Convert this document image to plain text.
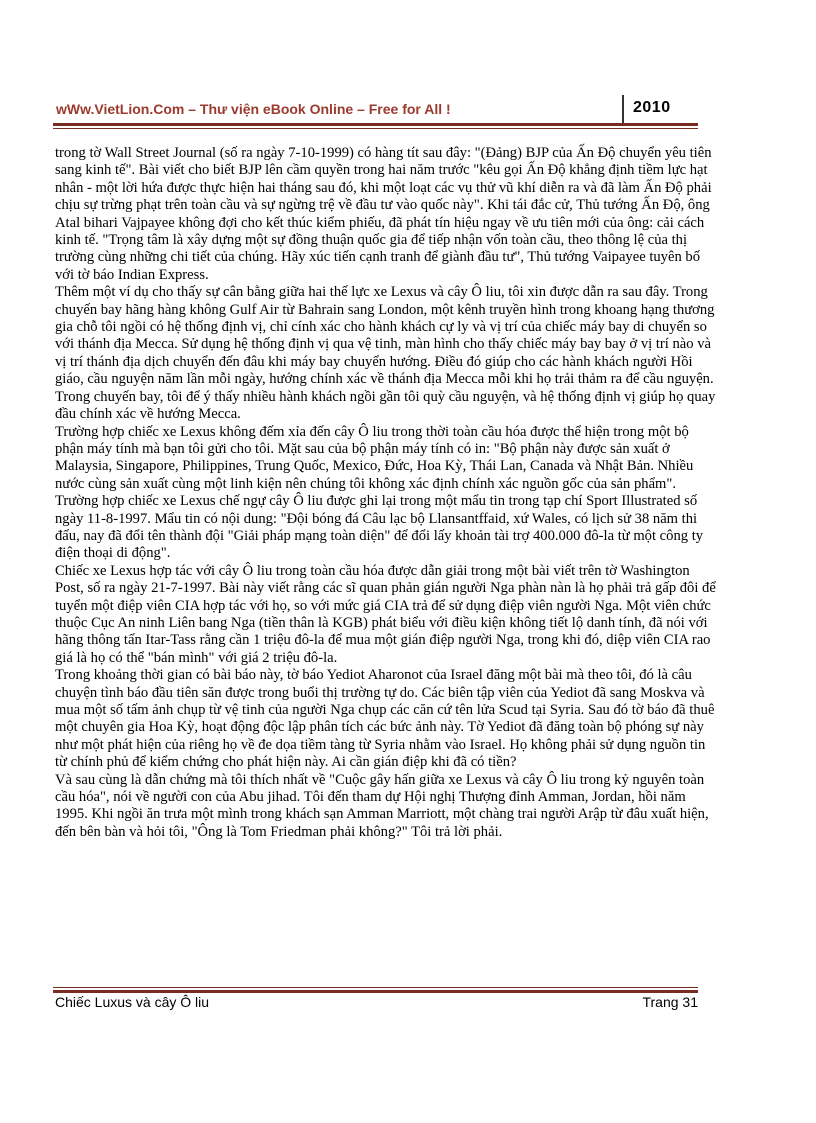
wWw.VietLion.Com – Thư viện eBook Online – Free for All !	2010

trong tờ Wall Street Journal (số ra ngày 7-10-1999) có hàng tít sau đây: "(Đảng) BJP của Ấn Độ chuyển yêu tiên sang kinh tế". Bài viết cho biết BJP lên cầm quyền trong hai năm trước "kêu gọi Ấn Độ khẳng định tiềm lực hạt nhân - một lời hứa được thực hiện hai tháng sau đó, khi một loạt các vụ thử vũ khí diễn ra và đã làm Ấn Độ phải chịu sự trừng phạt trên toàn cầu và sự ngừng trệ về đầu tư vào quốc này". Khi tái đắc cử, Thủ tướng Ấn Độ, ông Atal bihari Vajpayee không đợi cho kết thúc kiểm phiếu, đã phát tín hiệu ngay về ưu tiên mới của ông: cải cách kinh tế. "Trọng tâm là xây dựng một sự đồng thuận quốc gia để tiếp nhận vốn toàn cầu, theo thông lệ của thị trường cùng những chi tiết của chúng. Hãy xúc tiến cạnh tranh để giành đầu tư", Thủ tướng Vaipayee tuyên bố với tờ báo Indian Express.

Thêm một ví dụ cho thấy sự cân bằng giữa hai thế lực xe Lexus và cây Ô liu, tôi xin được dẫn ra sau đây. Trong chuyến bay hãng hàng không Gulf Air từ Bahrain sang London, một kênh truyền hình trong khoang hạng thương gia chỗ tôi ngồi có hệ thống định vị, chỉ cính xác cho hành khách cự ly và vị trí của chiếc máy bay di chuyển so với thánh địa Mecca. Sử dụng hệ thống định vị qua vệ tinh, màn hình cho thấy chiếc máy bay bay ở vị trí nào và vị trí thánh địa dịch chuyển đến đâu khi máy bay chuyển hướng. Điều đó giúp cho các hành khách người Hồi giáo, cầu nguyện năm lần mỗi ngày, hướng chính xác về thánh địa Mecca mỗi khi họ trải thảm ra để cầu nguyện. Trong chuyến bay, tôi để ý thấy nhiều hành khách ngồi gần tôi quỳ cầu nguyện, và hệ thống định vị giúp họ quay đầu chính xác về hướng Mecca.

Trường hợp chiếc xe Lexus không đếm xỉa đến cây Ô liu trong thời toàn cầu hóa được thể hiện trong một bộ phận máy tính mà bạn tôi gửi cho tôi. Mặt sau của bộ phận máy tính có in: "Bộ phận này được sản xuất ở Malaysia, Singapore, Philippines, Trung Quốc, Mexico, Đức, Hoa Kỳ, Thái Lan, Canada và Nhật Bản. Nhiều nước cùng sản xuất cùng một linh kiện nên chúng tôi không xác định chính xác nguồn gốc của sản phẩm".

Trường hợp chiếc xe Lexus chế ngự cây Ô liu được ghi lại trong một mẩu tin trong tạp chí Sport Illustrated số ngày 11-8-1997. Mẩu tin có nội dung: "Đội bóng đá Câu lạc bộ Llansantffaid, xứ Wales, có lịch sử 38 năm thi đấu, nay đã đổi tên thành đội "Giải pháp mạng toàn diện" để đổi lấy khoản tài trợ 400.000 đô-la từ một công ty điện thoại di động".

Chiếc xe Lexus hợp tác với cây Ô liu trong toàn cầu hóa được dẫn giải trong một bài viết trên tờ Washington Post, số ra ngày 21-7-1997. Bài này viết rằng các sĩ quan phản gián người Nga phàn nàn là họ phải trả gấp đôi để tuyển một điệp viên CIA hợp tác với họ, so với mức giá CIA trả để sử dụng điệp viên người Nga. Một viên chức thuộc Cục An ninh Liên bang Nga (tiền thân là KGB) phát biểu với điều kiện không tiết lộ danh tính, đã nói với hãng thông tấn Itar-Tass rằng cần 1 triệu đô-la để mua một gián điệp người Nga, trong khi đó, diệp viên CIA rao giá là họ có thể "bán mình" với giá 2 triệu đô-la.

Trong khoảng thời gian có bài báo này, tờ báo Yediot Aharonot của Israel đăng một bài mà theo tôi, đó là câu chuyện tình báo đầu tiên săn được trong buổi thị trường tự do. Các biên tập viên của Yediot đã sang Moskva và mua một số tấm ảnh chụp từ vệ tinh của người Nga chụp các căn cứ tên lửa Scud tại Syria. Sau đó tờ báo đã thuê một chuyên gia Hoa Kỳ, hoạt động độc lập phân tích các bức ảnh này. Tờ Yediot đã đăng toàn bộ phóng sự này như một phát hiện của riêng họ về đe dọa tiềm tàng từ Syria nhằm vào Israel. Họ không phải sử dụng nguồn tin từ chính phủ để kiểm chứng cho phát hiện này. Ai cần gián điệp khi đã có tiền?

Và sau cùng là dẫn chứng mà tôi thích nhất về "Cuộc gây hấn giữa xe Lexus và cây Ô liu trong kỷ nguyên toàn cầu hóa", nói về người con của Abu jihad. Tôi đến tham dự Hội nghị Thượng đỉnh Amman, Jordan, hồi năm 1995. Khi ngồi ăn trưa một mình trong khách sạn Amman Marriott, một chàng trai người Arập từ đâu xuất hiện, đến bên bàn và hỏi tôi, "Ông là Tom Friedman phải không?" Tôi trả lời phải.

Chiếc Luxus và cây Ô liu	Trang 31
